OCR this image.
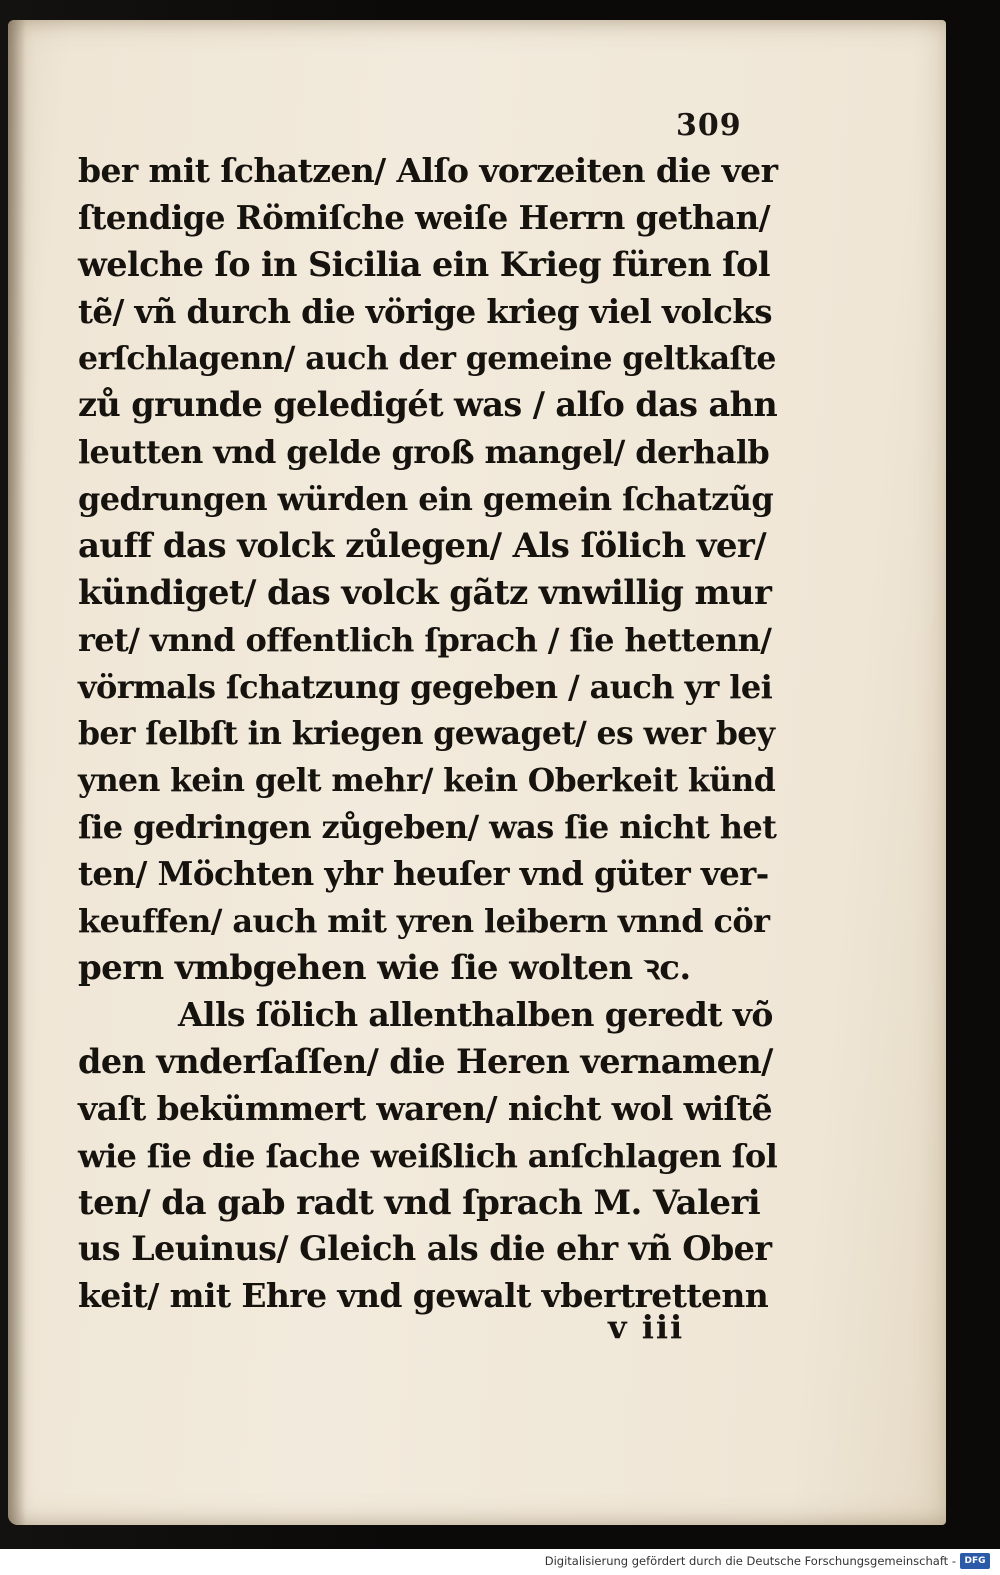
309
ber mit ſchatzen/ Alſo vorzeiten die ver
ſtendige Römiſche weiſe Herrn gethan/
welche ſo in Sicilia ein Krieg füren ſol
tẽ/ vñ durch die vörige krieg viel volcks
erſchlagenn/ auch der gemeine geltkaſte
zů grunde geledigét was / alſo das ahn
leutten vnd gelde groß mangel/ derhalb
gedrungen würden ein gemein ſchatzũg
auff das volck zůlegen/ Als ſölich ver/
kündiget/ das volck gãtz vnwillig mur
ret/ vnnd offentlich ſprach / ſie hettenn/
vörmals ſchatzung gegeben / auch yr lei
ber ſelbſt in kriegen gewaget/ es wer bey
ynen kein gelt mehr/ kein Oberkeit künd
ſie gedringen zůgeben/ was ſie nicht het
ten/ Möchten yhr heuſer vnd güter ver-
keuffen/ auch mit yren leibern vnnd cör
pern vmbgehen wie ſie wolten ꝛc.
Alls ſölich allenthalben geredt võ
den vnderſaſſen/ die Heren vernamen/
vaſt bekümmert waren/ nicht wol wiſtẽ
wie ſie die ſache weißlich anſchlagen ſol
ten/ da gab radt vnd ſprach M. Valeri
us Leuinus/ Gleich als die ehr vñ Ober
keit/ mit Ehre vnd gewalt vbertrettenn
v iii
Digitalisierung gefördert durch die Deutsche Forschungsgemeinschaft - DFG
